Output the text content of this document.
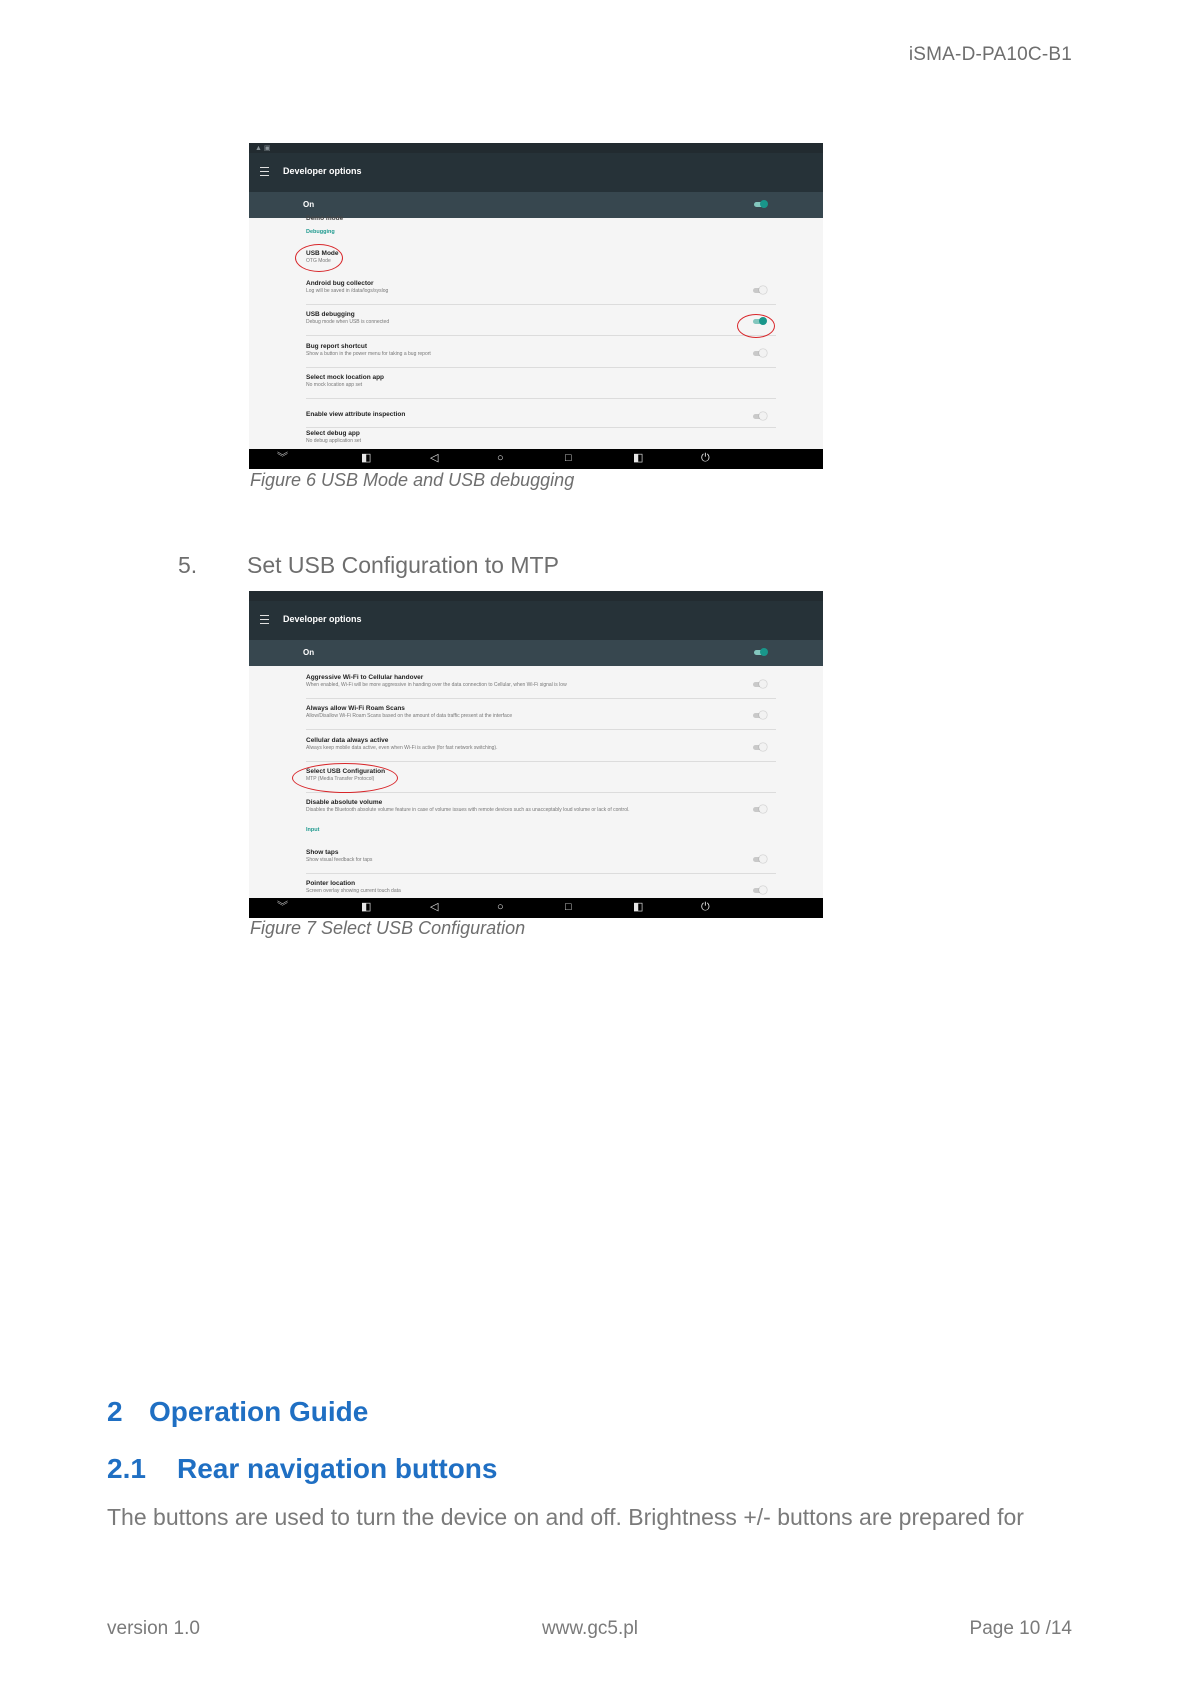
iSMA-D-PA10C-B1
▲ ▣
Developer options
On
Demo mode
Debugging
USB Mode
OTG Mode
Android bug collector
Log will be saved in /data/logs/syslog
USB debugging
Debug mode when USB is connected
Bug report shortcut
Show a button in the power menu for taking a bug report
Select mock location app
No mock location app set
Enable view attribute inspection
Select debug app
No debug application set
︾	◧	◁	○	□	◧	⏻
Figure 6 USB Mode and USB debugging
5. Set USB Configuration to MTP
Developer options
On
Aggressive Wi-Fi to Cellular handover
When enabled, Wi-Fi will be more aggressive in handing over the data connection to Cellular, when Wi-Fi signal is low
Always allow Wi-Fi Roam Scans
Allow/Disallow Wi-Fi Roam Scans based on the amount of data traffic present at the interface
Cellular data always active
Always keep mobile data active, even when Wi-Fi is active (for fast network switching).
Select USB Configuration
MTP (Media Transfer Protocol)
Disable absolute volume
Disables the Bluetooth absolute volume feature in case of volume issues with remote devices such as unacceptably loud volume or lack of control.
Input
Show taps
Show visual feedback for taps
Pointer location
Screen overlay showing current touch data
︾	◧	◁	○	□	◧	⏻
Figure 7 Select USB Configuration
2 Operation Guide
2.1 Rear navigation buttons
The buttons are used to turn the device on and off. Brightness +/- buttons are prepared for
version 1.0	www.gc5.pl	Page 10 /14
